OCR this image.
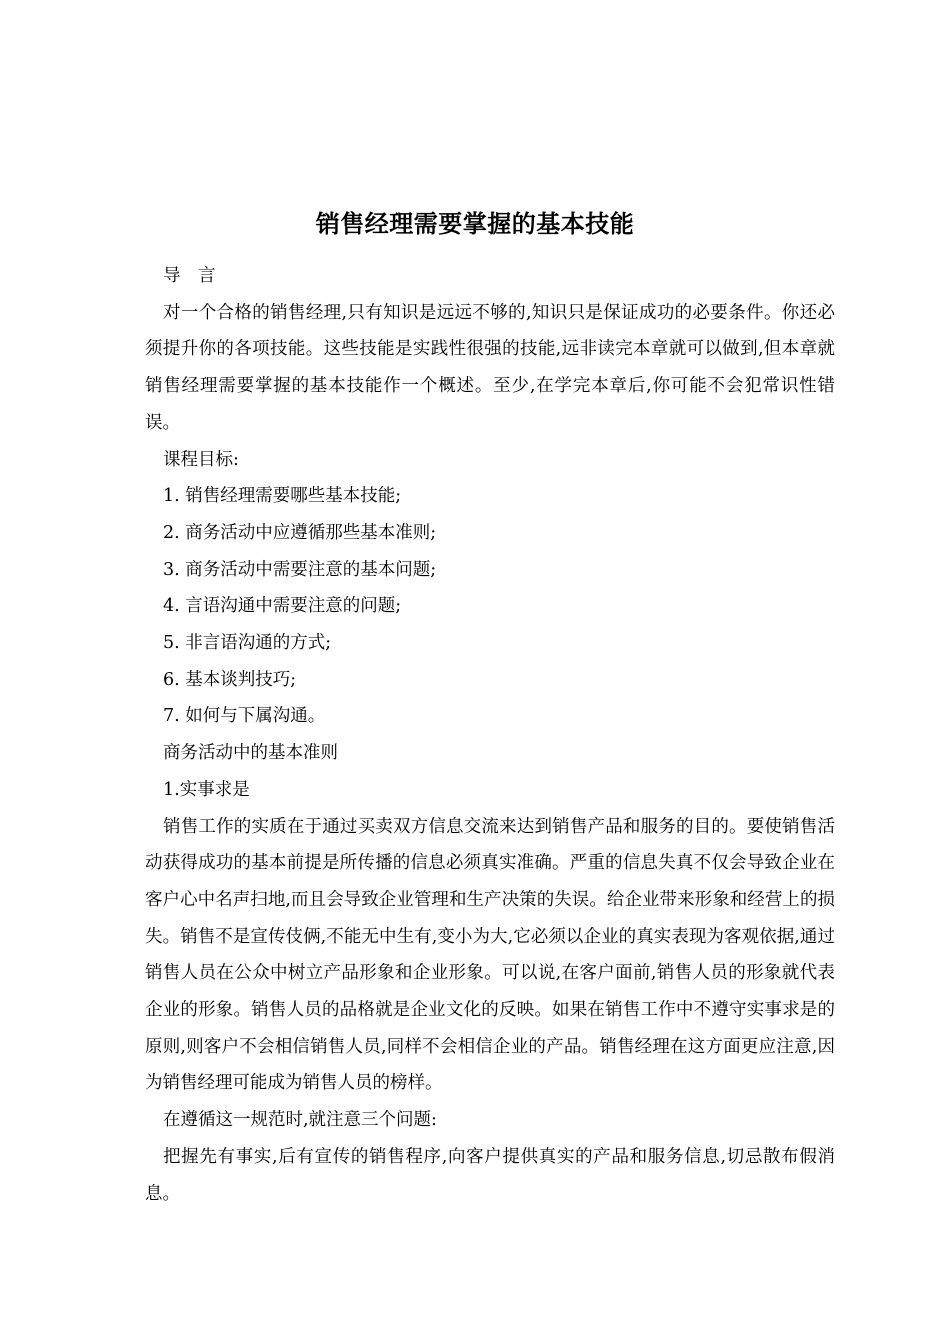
销售经理需要掌握的基本技能

导　言

对一个合格的销售经理,只有知识是远远不够的,知识只是保证成功的必要条件。你还必须提升你的各项技能。这些技能是实践性很强的技能,远非读完本章就可以做到,但本章就销售经理需要掌握的基本技能作一个概述。至少,在学完本章后,你可能不会犯常识性错误。

课程目标:

1. 销售经理需要哪些基本技能;
2. 商务活动中应遵循那些基本准则;
3. 商务活动中需要注意的基本问题;
4. 言语沟通中需要注意的问题;
5. 非言语沟通的方式;
6. 基本谈判技巧;
7. 如何与下属沟通。

商务活动中的基本准则

1.实事求是

销售工作的实质在于通过买卖双方信息交流来达到销售产品和服务的目的。要使销售活动获得成功的基本前提是所传播的信息必须真实准确。严重的信息失真不仅会导致企业在客户心中名声扫地,而且会导致企业管理和生产决策的失误。给企业带来形象和经营上的损失。销售不是宣传伎俩,不能无中生有,变小为大,它必须以企业的真实表现为客观依据,通过销售人员在公众中树立产品形象和企业形象。可以说,在客户面前,销售人员的形象就代表企业的形象。销售人员的品格就是企业文化的反映。如果在销售工作中不遵守实事求是的原则,则客户不会相信销售人员,同样不会相信企业的产品。销售经理在这方面更应注意,因为销售经理可能成为销售人员的榜样。

在遵循这一规范时,就注意三个问题:

把握先有事实,后有宣传的销售程序,向客户提供真实的产品和服务信息,切忌散布假消息。
